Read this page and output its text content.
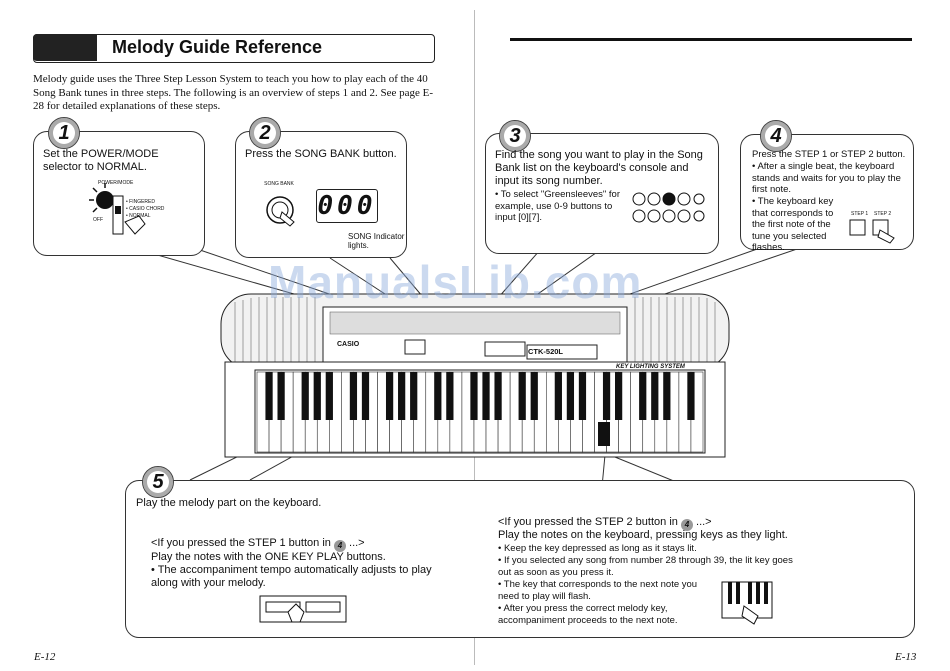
Melody Guide Reference
Melody guide uses the Three Step Lesson System to teach you how to play each of the 40 Song Bank tunes in three steps. The following is an overview of steps 1 and 2. See page E-28 for detailed explanations of these steps.
1
Set the POWER/MODE selector to NORMAL.
POWER/MODE
• FINGERED
• CASIO CHORD
• NORMAL
OFF
2
Press the SONG BANK button.
SONG BANK
000
SONG Indicator lights.
3
Find the song you want to play in the Song Bank list on the keyboard's console and input its song number.
• To select "Greensleeves" for example, use 0-9 buttons to input [0][7].
4
Press the STEP 1 or STEP 2 button.
• After a single beat, the keyboard stands and waits for you to play the first note.
• The keyboard key that corresponds to the first note of the tune you selected flashes.
STEP 1 STEP 2
CASIO
CTK-520L
KEY LIGHTING SYSTEM
ManualsLib.com
5
Play the melody part on the keyboard.
<If you pressed the STEP 1 button in 4 ...>
Play the notes with the ONE KEY PLAY buttons.
• The accompaniment tempo automatically adjusts to play along with your melody.
<If you pressed the STEP 2 button in 4 ...>
Play the notes on the keyboard, pressing keys as they light.
• Keep the key depressed as long as it stays lit.
• If you selected any song from number 28 through 39, the lit key goes out as soon as you press it.
• The key that corresponds to the next note you need to play will flash.
• After you press the correct melody key, accompaniment proceeds to the next note.
E-12	E-13
